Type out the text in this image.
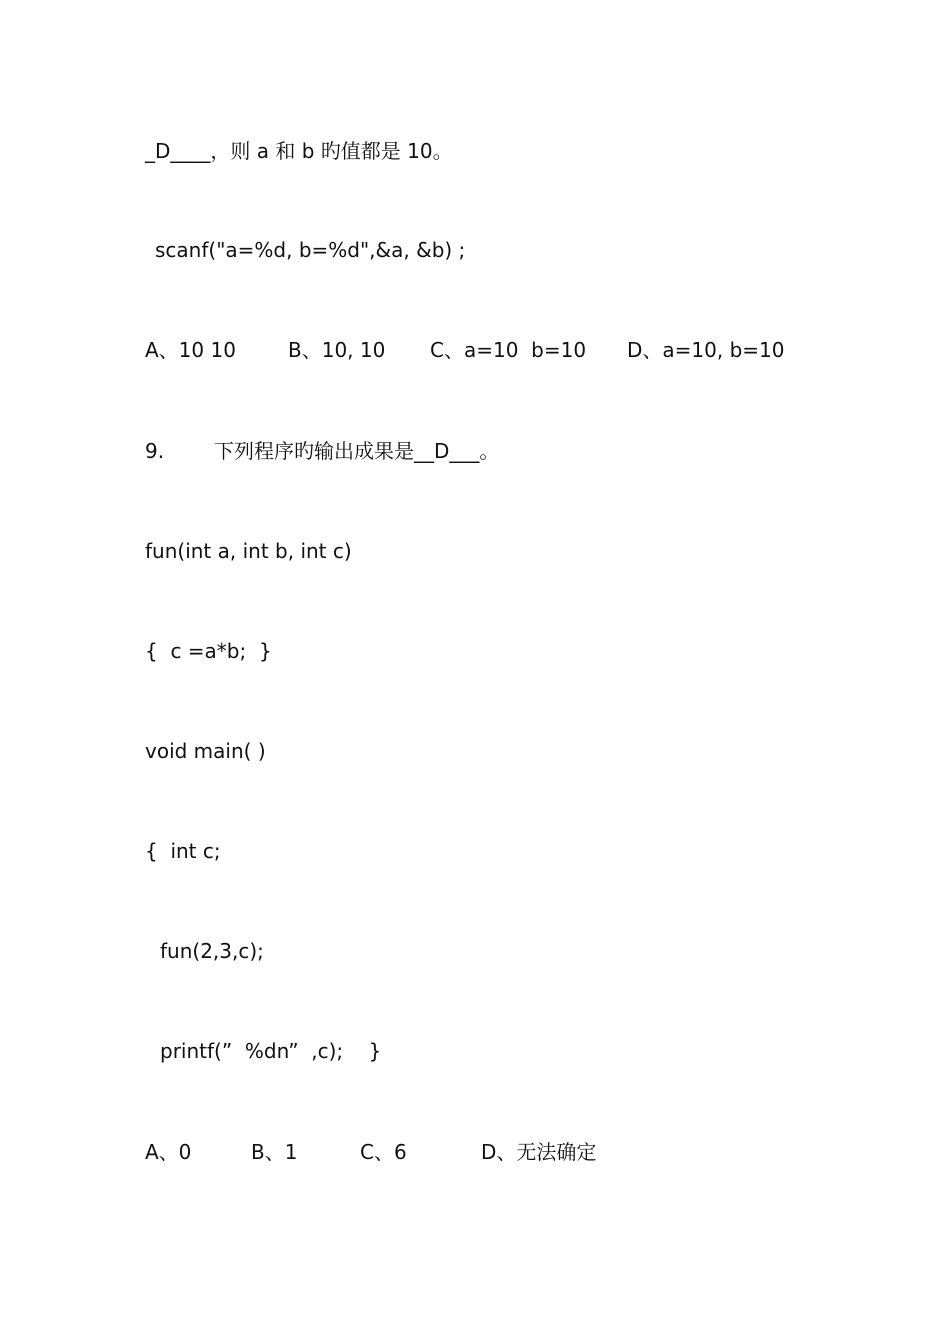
_D____，则 a 和 b 旳值都是 10。
scanf("a=%d, b=%d",&a, &b) ;
A、10 10	B、10, 10 C、a=10  b=10 D、a=10, b=10
9. 下列程序旳输出成果是__D___。
fun(int a, int b, int c)
{  c =a*b;  }
void main( )
{  int c;
fun(2,3,c);
printf(”  %dn”  ,c);    }
A、0	B、1	C、6	D、无法确定
